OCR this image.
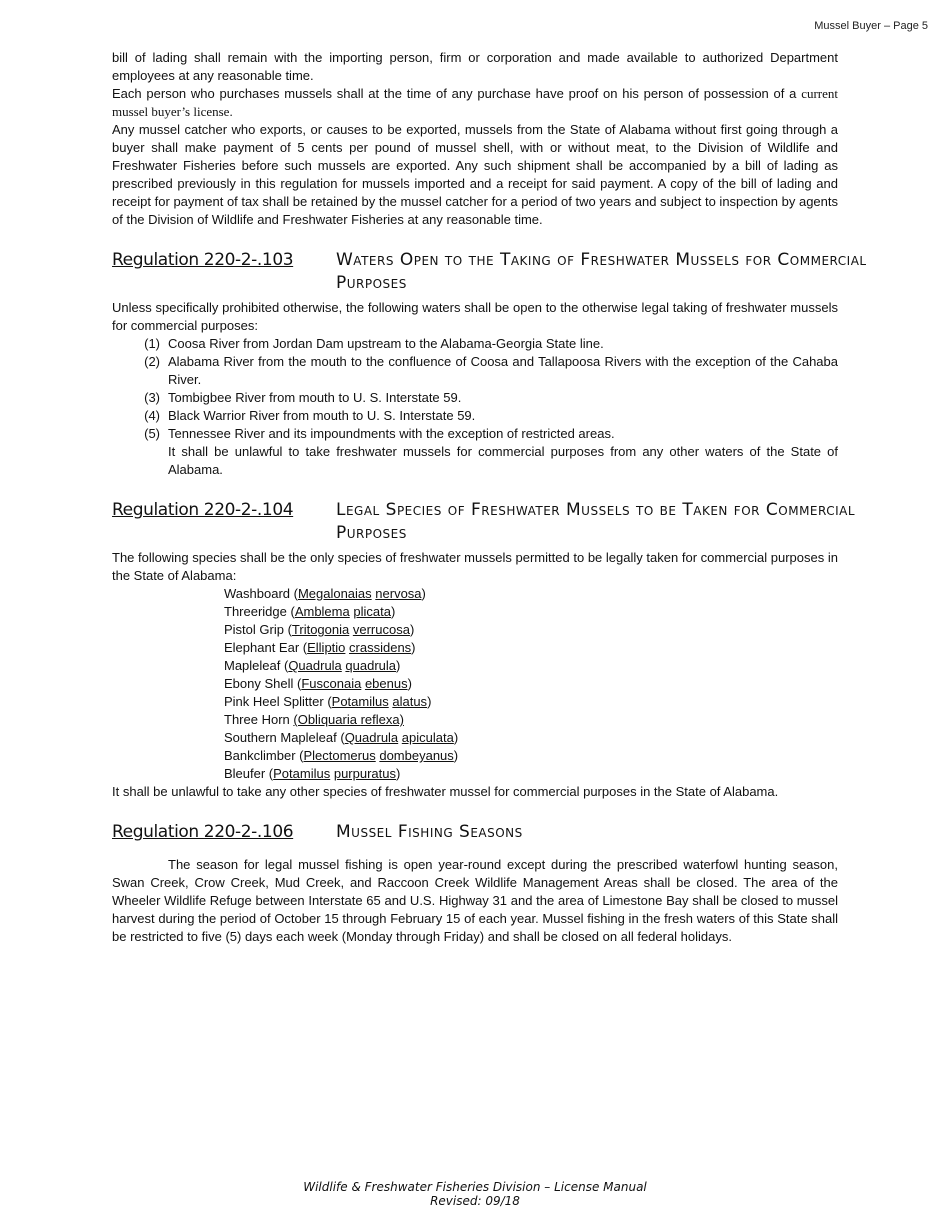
Mussel Buyer – Page 5

bill of lading shall remain with the importing person, firm or corporation and made available to authorized Department employees at any reasonable time.

Each person who purchases mussels shall at the time of any purchase have proof on his person of possession of a current mussel buyer’s license.

Any mussel catcher who exports, or causes to be exported, mussels from the State of Alabama without first going through a buyer shall make payment of 5 cents per pound of mussel shell, with or without meat, to the Division of Wildlife and Freshwater Fisheries before such mussels are exported. Any such shipment shall be accompanied by a bill of lading as prescribed previously in this regulation for mussels imported and a receipt for said payment. A copy of the bill of lading and receipt for payment of tax shall be retained by the mussel catcher for a period of two years and subject to inspection by agents of the Division of Wildlife and Freshwater Fisheries at any reasonable time.

Regulation 220-2-.103	Waters Open to the Taking of Freshwater Mussels for Commercial Purposes

Unless specifically prohibited otherwise, the following waters shall be open to the otherwise legal taking of freshwater mussels for commercial purposes:

(1) Coosa River from Jordan Dam upstream to the Alabama-Georgia State line.
(2) Alabama River from the mouth to the confluence of Coosa and Tallapoosa Rivers with the exception of the Cahaba River.
(3) Tombigbee River from mouth to U. S. Interstate 59.
(4) Black Warrior River from mouth to U. S. Interstate 59.
(5) Tennessee River and its impoundments with the exception of restricted areas.

It shall be unlawful to take freshwater mussels for commercial purposes from any other waters of the State of Alabama.

Regulation 220-2-.104	Legal Species of Freshwater Mussels to be Taken for Commercial Purposes

The following species shall be the only species of freshwater mussels permitted to be legally taken for commercial purposes in the State of Alabama:

Washboard (Megalonaias nervosa)
Threeridge (Amblema plicata)
Pistol Grip (Tritogonia verrucosa)
Elephant Ear (Elliptio crassidens)
Mapleleaf (Quadrula quadrula)
Ebony Shell (Fusconaia ebenus)
Pink Heel Splitter (Potamilus alatus)
Three Horn (Obliquaria reflexa)
Southern Mapleleaf (Quadrula apiculata)
Bankclimber (Plectomerus dombeyanus)
Bleufer (Potamilus purpuratus)

It shall be unlawful to take any other species of freshwater mussel for commercial purposes in the State of Alabama.

Regulation 220-2-.106	Mussel Fishing Seasons

The season for legal mussel fishing is open year-round except during the prescribed waterfowl hunting season, Swan Creek, Crow Creek, Mud Creek, and Raccoon Creek Wildlife Management Areas shall be closed. The area of the Wheeler Wildlife Refuge between Interstate 65 and U.S. Highway 31 and the area of Limestone Bay shall be closed to mussel harvest during the period of October 15 through February 15 of each year. Mussel fishing in the fresh waters of this State shall be restricted to five (5) days each week (Monday through Friday) and shall be closed on all federal holidays.

Wildlife & Freshwater Fisheries Division – License Manual
Revised: 09/18
